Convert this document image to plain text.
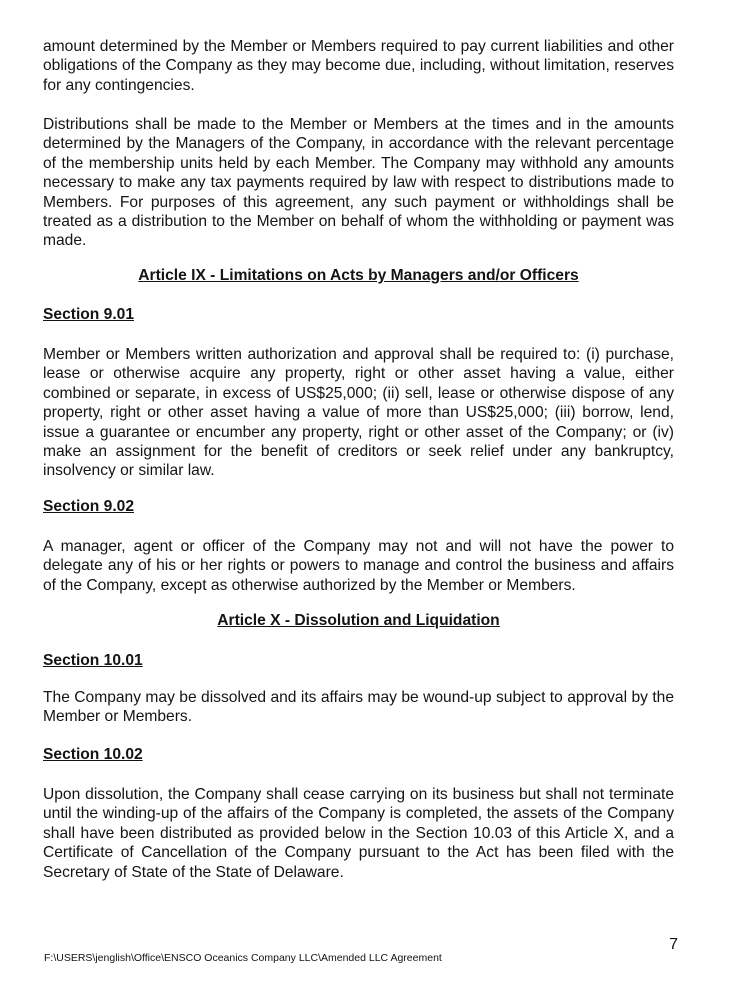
amount determined by the Member or Members required to pay current liabilities and other obligations of the Company as they may become due, including, without limitation, reserves for any contingencies.

Distributions shall be made to the Member or Members at the times and in the amounts determined by the Managers of the Company, in accordance with the relevant percentage of the membership units held by each Member. The Company may withhold any amounts necessary to make any tax payments required by law with respect to distributions made to Members. For purposes of this agreement, any such payment or withholdings shall be treated as a distribution to the Member on behalf of whom the withholding or payment was made.

Article IX - Limitations on Acts by Managers and/or Officers
Section 9.01

Member or Members written authorization and approval shall be required to: (i) purchase, lease or otherwise acquire any property, right or other asset having a value, either combined or separate, in excess of US$25,000; (ii) sell, lease or otherwise dispose of any property, right or other asset having a value of more than US$25,000; (iii) borrow, lend, issue a guarantee or encumber any property, right or other asset of the Company; or (iv) make an assignment for the benefit of creditors or seek relief under any bankruptcy, insolvency or similar law.

Section 9.02

A manager, agent or officer of the Company may not and will not have the power to delegate any of his or her rights or powers to manage and control the business and affairs of the Company, except as otherwise authorized by the Member or Members.

Article X - Dissolution and Liquidation
Section 10.01

The Company may be dissolved and its affairs may be wound-up subject to approval by the Member or Members.

Section 10.02

Upon dissolution, the Company shall cease carrying on its business but shall not terminate until the winding-up of the affairs of the Company is completed, the assets of the Company shall have been distributed as provided below in the Section 10.03 of this Article X, and a Certificate of Cancellation of the Company pursuant to the Act has been filed with the Secretary of State of the State of Delaware.

7
F:\USERS\jenglish\Office\ENSCO Oceanics Company LLC\Amended LLC Agreement
